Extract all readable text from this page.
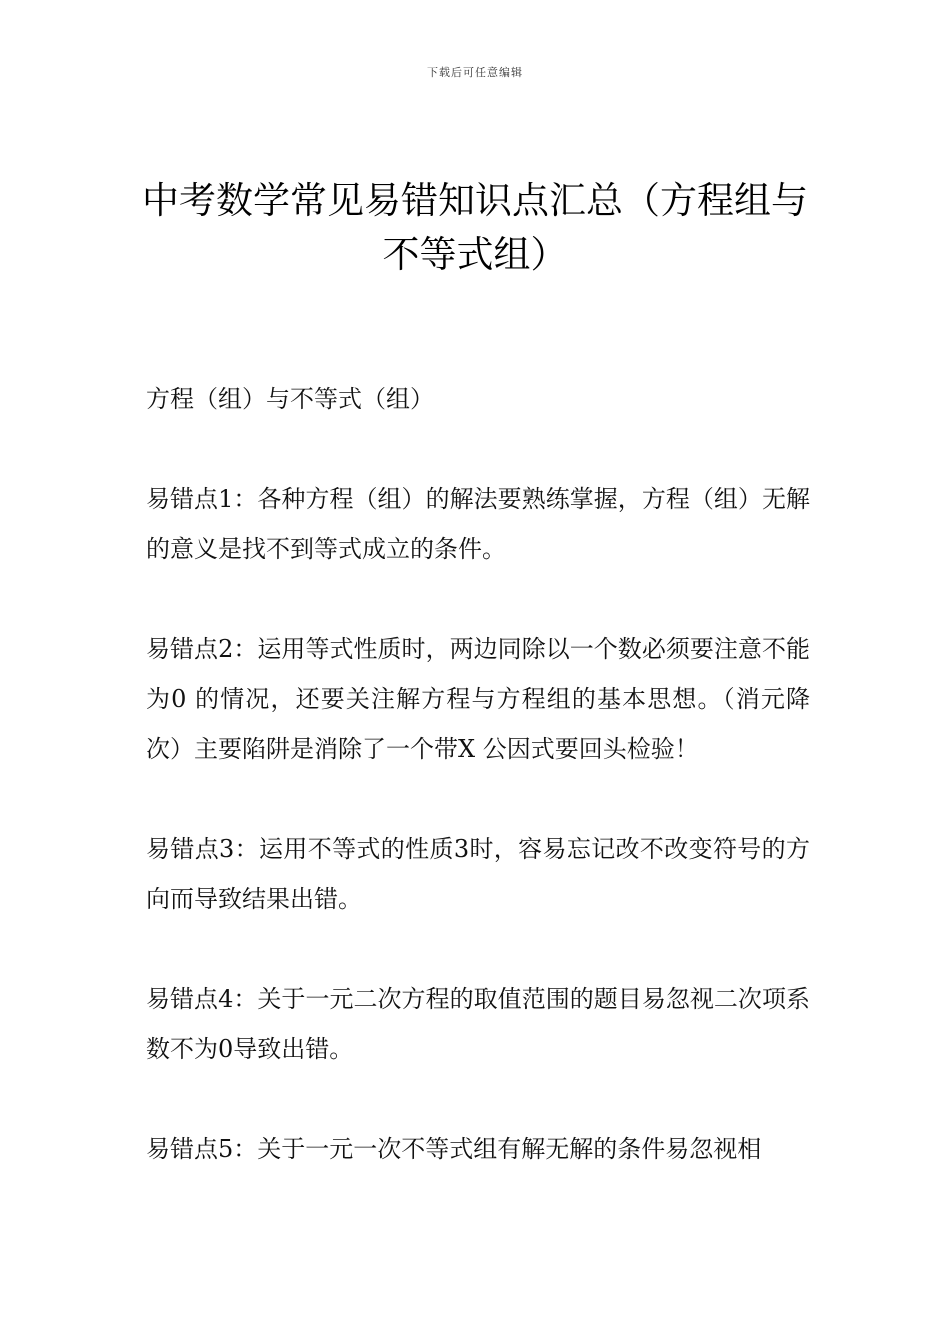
下载后可任意编辑
中考数学常见易错知识点汇总（方程组与不等式组）

方程（组）与不等式（组）

易错点1：各种方程（组）的解法要熟练掌握，方程（组）无解的意义是找不到等式成立的条件。

易错点2：运用等式性质时，两边同除以一个数必须要注意不能为0 的情况，还要关注解方程与方程组的基本思想。（消元降次）主要陷阱是消除了一个带X 公因式要回头检验！

易错点3：运用不等式的性质3时，容易忘记改不改变符号的方向而导致结果出错。

易错点4：关于一元二次方程的取值范围的题目易忽视二次项系数不为0导致出错。

易错点5：关于一元一次不等式组有解无解的条件易忽视相
